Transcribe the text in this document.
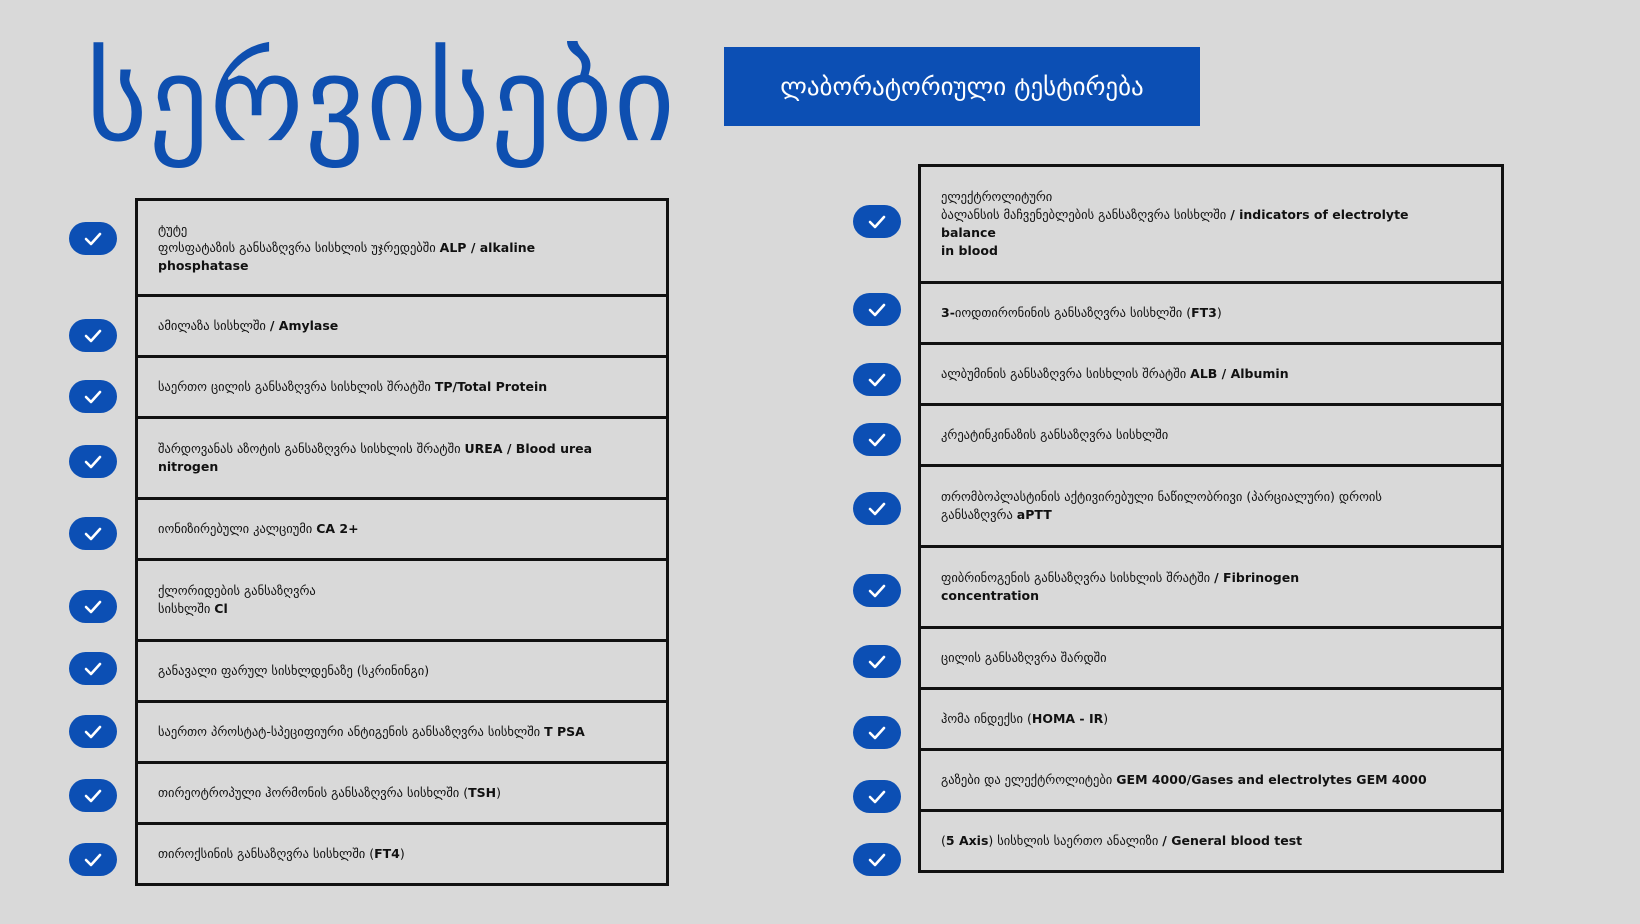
სერვისები	ლაბორატორიული ტესტირება
ტუტე
ფოსფატაზის განსაზღვრა სისხლის უჯრედებში ALP / alkaline
phosphatase
ამილაზა სისხლში / Amylase
საერთო ცილის განსაზღვრა სისხლის შრატში TP/Total Protein
შარდოვანას აზოტის განსაზღვრა სისხლის შრატში UREA / Blood urea
nitrogen
იონიზირებული კალციუმი CA 2+
ქლორიდების განსაზღვრა
სისხლში Cl
განავალი ფარულ სისხლდენაზე (სკრინინგი)
საერთო პროსტატ-სპეციფიური ანტიგენის განსაზღვრა სისხლში T PSA
თირეოტროპული ჰორმონის განსაზღვრა სისხლში (TSH)
თიროქსინის განსაზღვრა სისხლში (FT4)
ელექტროლიტური
ბალანსის მაჩვენებლების განსაზღვრა სისხლში / indicators of electrolyte
balance
in blood
3-იოდთირონინის განსაზღვრა სისხლში (FT3)
ალბუმინის განსაზღვრა სისხლის შრატში ALB / Albumin
კრეატინკინაზის განსაზღვრა სისხლში
თრომბოპლასტინის აქტივირებული ნაწილობრივი (პარციალური) დროის
განსაზღვრა aPTT
ფიბრინოგენის განსაზღვრა სისხლის შრატში / Fibrinogen
concentration
ცილის განსაზღვრა შარდში
ჰომა ინდექსი (HOMA - IR)
გაზები და ელექტროლიტები GEM 4000/Gases and electrolytes GEM 4000
(5 Axis) სისხლის საერთო ანალიზი / General blood test
